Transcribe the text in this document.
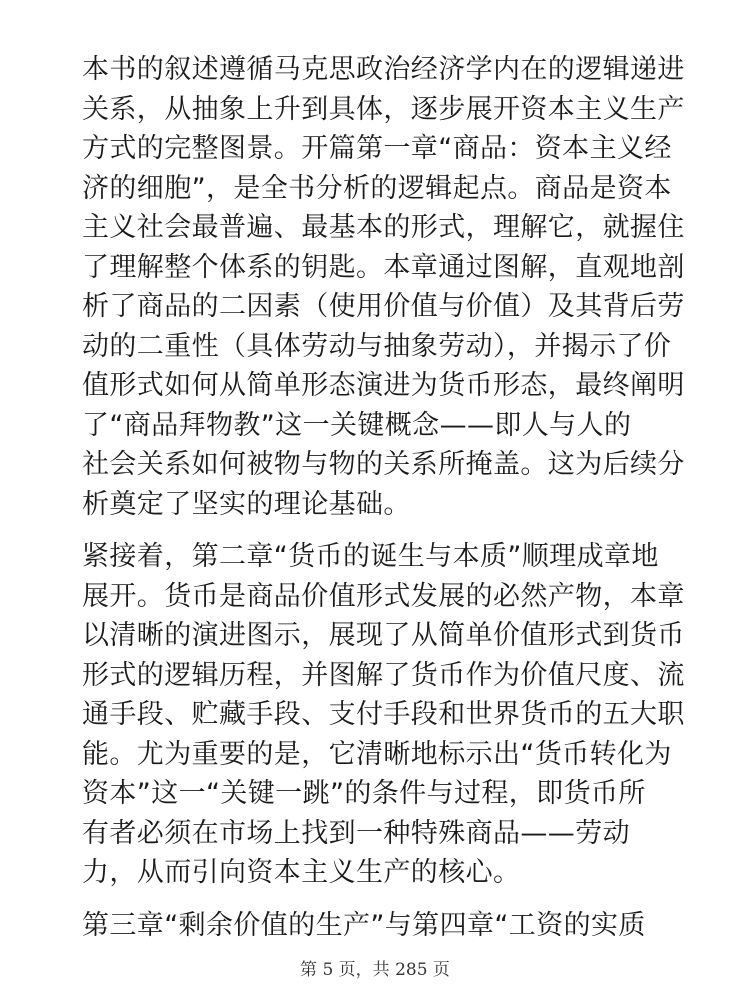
本书的叙述遵循马克思政治经济学内在的逻辑递进
关系，从抽象上升到具体，逐步展开资本主义生产
方式的完整图景。开篇第一章“商品：资本主义经
济的细胞”，是全书分析的逻辑起点。商品是资本
主义社会最普遍、最基本的形式，理解它，就握住
了理解整个体系的钥匙。本章通过图解，直观地剖
析了商品的二因素（使用价值与价值）及其背后劳
动的二重性（具体劳动与抽象劳动），并揭示了价
值形式如何从简单形态演进为货币形态，最终阐明
了“商品拜物教”这一关键概念——即人与人的
社会关系如何被物与物的关系所掩盖。这为后续分
析奠定了坚实的理论基础。
紧接着，第二章“货币的诞生与本质”顺理成章地
展开。货币是商品价值形式发展的必然产物，本章
以清晰的演进图示，展现了从简单价值形式到货币
形式的逻辑历程，并图解了货币作为价值尺度、流
通手段、贮藏手段、支付手段和世界货币的五大职
能。尤为重要的是，它清晰地标示出“货币转化为
资本”这一“关键一跳”的条件与过程，即货币所
有者必须在市场上找到一种特殊商品——劳动
力，从而引向资本主义生产的核心。
第三章“剩余价值的生产”与第四章“工资的实质
第 5 页，共 285 页
